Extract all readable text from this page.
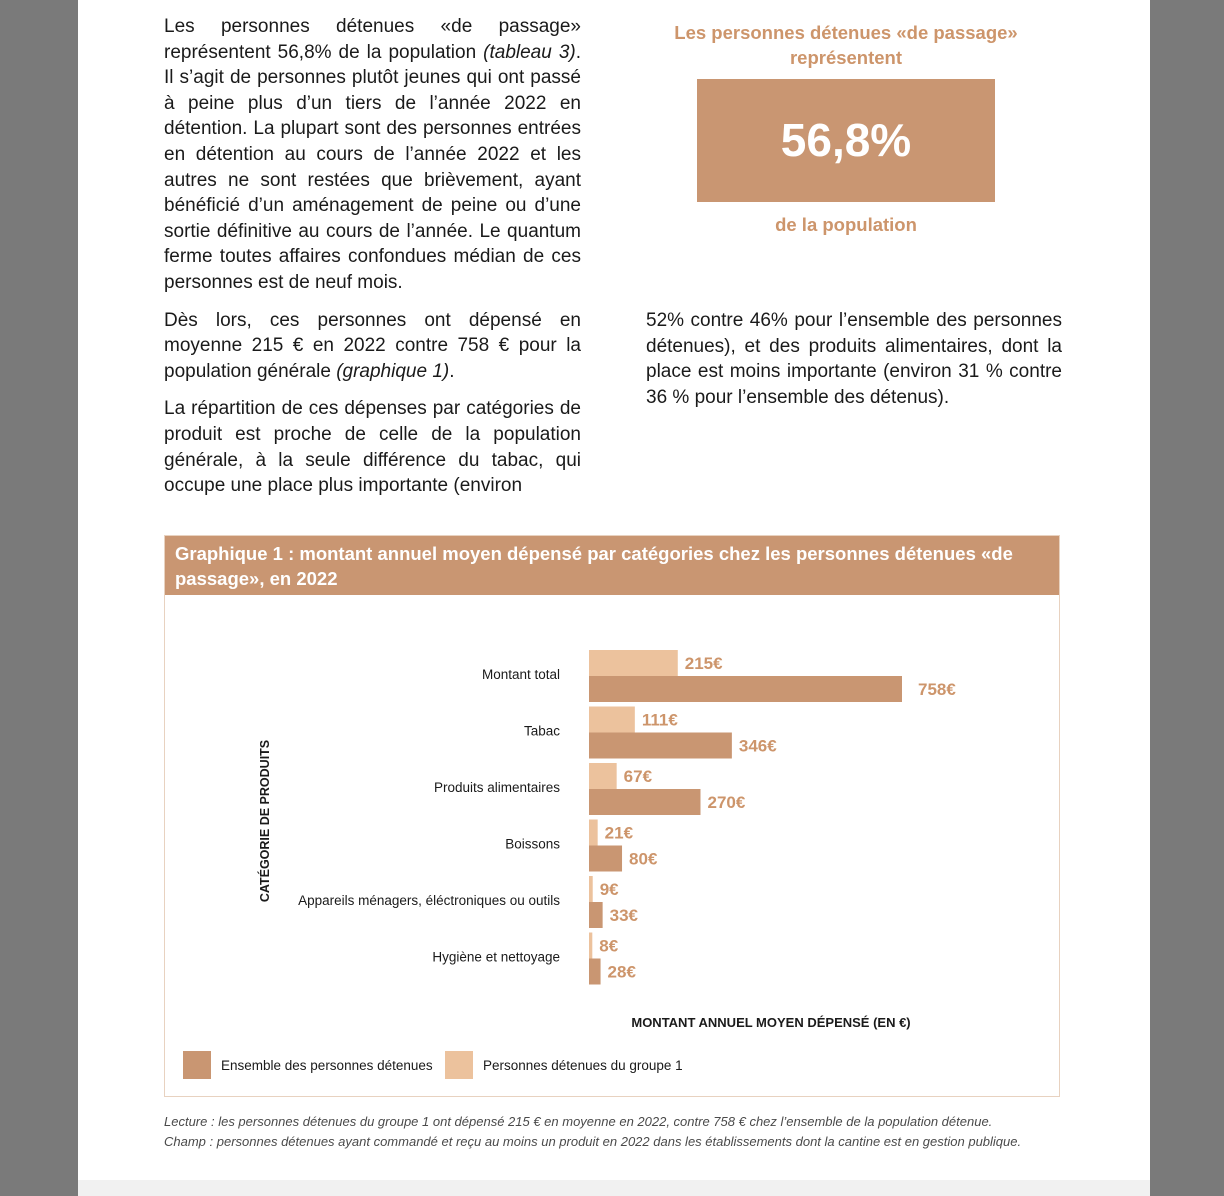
Les personnes détenues «de passage» représentent 56,8% de la population (tableau 3). Il s’agit de personnes plutôt jeunes qui ont passé à peine plus d’un tiers de l’année 2022 en détention. La plupart sont des personnes entrées en détention au cours de l’année 2022 et les autres ne sont restées que brièvement, ayant bénéficié d’un aménagement de peine ou d’une sortie définitive au cours de l’année. Le quantum ferme toutes affaires confondues médian de ces personnes est de neuf mois.

Dès lors, ces personnes ont dépensé en moyenne 215 € en 2022 contre 758 € pour la population générale (graphique 1).

La répartition de ces dépenses par catégories de produit est proche de celle de la population générale, à la seule différence du tabac, qui occupe une place plus importante (environ

Les personnes détenues «de passage» représentent
56,8%
de la population

52% contre 46% pour l’ensemble des personnes détenues), et des produits alimentaires, dont la place est moins importante (environ 31 % contre 36 % pour l’ensemble des détenus).

Graphique 1 : montant annuel moyen dépensé par catégories chez les personnes détenues «de passage», en 2022
Montant total
215€
758€
Tabac
111€
346€
Produits alimentaires
67€
270€
Boissons
21€
80€
Appareils ménagers, éléctroniques ou outils
9€
33€
Hygiène et nettoyage
8€
28€
MONTANT ANNUEL MOYEN DÉPENSÉ (EN €)
CATÉGORIE DE PRODUITS
Ensemble des personnes détenues	Personnes détenues du groupe 1
Lecture : les personnes détenues du groupe 1 ont dépensé 215 € en moyenne en 2022, contre 758 € chez l’ensemble de la population détenue.
Champ : personnes détenues ayant commandé et reçu au moins un produit en 2022 dans les établissements dont la cantine est en gestion publique.
